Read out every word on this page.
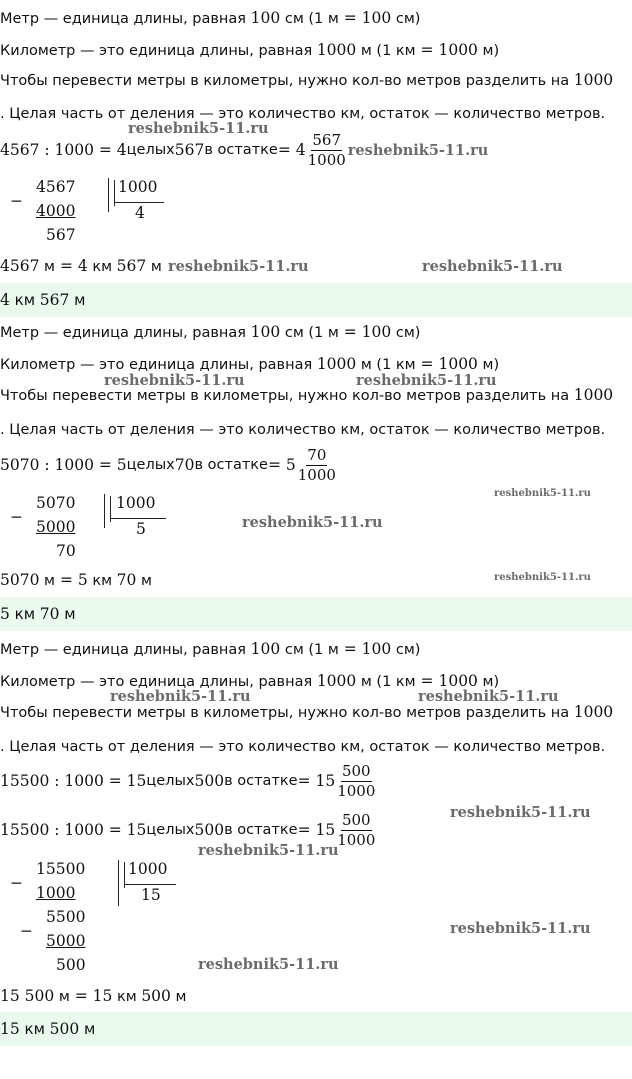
Метр — единица длины, равная 100 см (1 м = 100 см)
Километр — это единица длины, равная 1000 м (1 км = 1000 м)
Чтобы перевести метры в километры, нужно кол-во метров разделить на 1000
. Целая часть от деления — это количество км, остаток — количество метров.
reshebnik5-11.ru
4567 : 1000 = 4 целых 567 в остатке = $4 \frac{567}{1000}$ reshebnik5-11.ru
−
4567
4000
567
1000
4
4567 м = 4 км 567 м reshebnik5-11.ru	reshebnik5-11.ru
4 км 567 м
Метр — единица длины, равная 100 см (1 м = 100 см)
Километр — это единица длины, равная 1000 м (1 км = 1000 м)
reshebnik5-11.ru	reshebnik5-11.ru
Чтобы перевести метры в километры, нужно кол-во метров разделить на 1000
. Целая часть от деления — это количество км, остаток — количество метров.
5070 : 1000 = 5 целых 70 в остатке = $5 \frac{70}{1000}$
reshebnik5-11.ru
−
5070
5000
70
1000
5	reshebnik5-11.ru
5070 м = 5 км 70 м	reshebnik5-11.ru
5 км 70 м
Метр — единица длины, равная 100 см (1 м = 100 см)
Километр — это единица длины, равная 1000 м (1 км = 1000 м)
reshebnik5-11.ru	reshebnik5-11.ru
Чтобы перевести метры в километры, нужно кол-во метров разделить на 1000
. Целая часть от деления — это количество км, остаток — количество метров.
15500 : 1000 = 15 целых 500 в остатке = $15 \frac{500}{1000}$
15500 : 1000 = 15 целых 500 в остатке = $15 \frac{500}{1000}$	reshebnik5-11.ru
reshebnik5-11.ru
−
15500
1000
−
5500
5000
500
1000
15
reshebnik5-11.ru
reshebnik5-11.ru
15 500 м = 15 км 500 м
15 км 500 м
